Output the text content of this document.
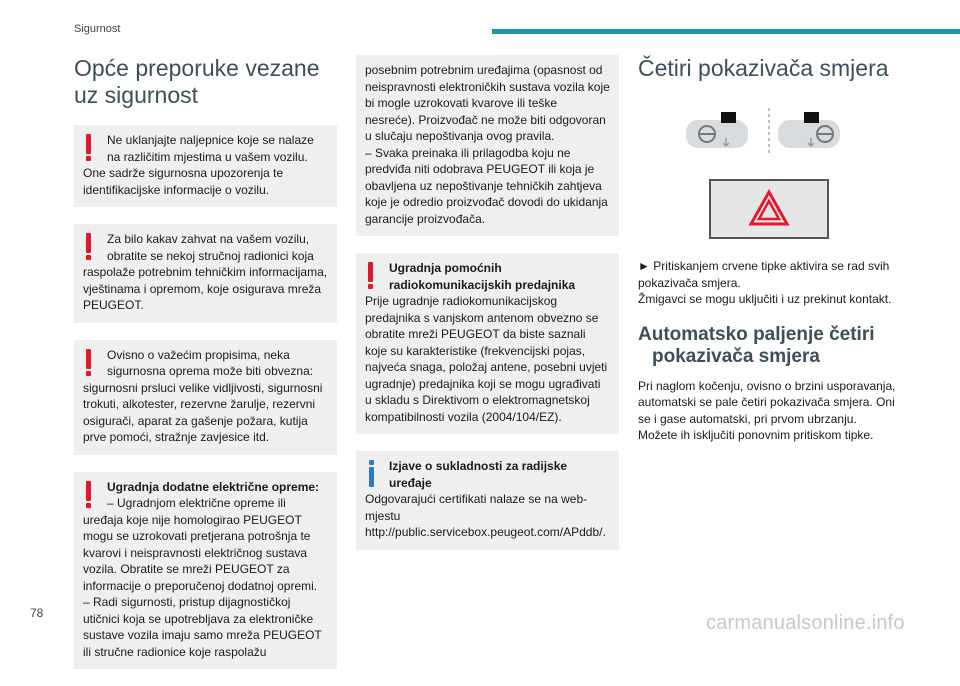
Sigurnost
Opće preporuke vezane uz sigurnost
Ne uklanjajte naljepnice koje se nalaze na različitim mjestima u vašem vozilu.
One sadrže sigurnosna upozorenja te identifikacijske informacije o vozilu.
Za bilo kakav zahvat na vašem vozilu, obratite se nekoj stručnoj radionici koja
raspolaže potrebnim tehničkim informacijama, vještinama i opremom, koje osigurava mreža PEUGEOT.
Ovisno o važećim propisima, neka sigurnosna oprema može biti obvezna:
sigurnosni prsluci velike vidljivosti, sigurnosni trokuti, alkotester, rezervne žarulje, rezervni osigurači, aparat za gašenje požara, kutija prve pomoći, stražnje zavjesice itd.
Ugradnja dodatne električne opreme:
– Ugradnjom električne opreme ili
uređaja koje nije homologirao PEUGEOT mogu se uzrokovati pretjerana potrošnja te kvarovi i neispravnosti električnog sustava vozila. Obratite se mreži PEUGEOT za informacije o preporučenoj dodatnoj opremi.
– Radi sigurnosti, pristup dijagnostičkoj utičnici koja se upotrebljava za elektroničke sustave vozila imaju samo mreža PEUGEOT ili stručne radionice koje raspolažu
posebnim potrebnim uređajima (opasnost od neispravnosti elektroničkih sustava vozila koje bi mogle uzrokovati kvarove ili teške nesreće). Proizvođač ne može biti odgovoran u slučaju nepoštivanja ovog pravila.
– Svaka preinaka ili prilagodba koju ne predviđa niti odobrava PEUGEOT ili koja je obavljena uz nepoštivanje tehničkih zahtjeva koje je odredio proizvođač dovodi do ukidanja garancije proizvođača.
Ugradnja pomoćnih radiokomunikacijskih predajnika
Prije ugradnje radiokomunikacijskog predajnika s vanjskom antenom obvezno se obratite mreži PEUGEOT da biste saznali koje su karakteristike (frekvencijski pojas, najveća snaga, položaj antene, posebni uvjeti ugradnje) predajnika koji se mogu ugrađivati u skladu s Direktivom o elektromagnetskoj kompatibilnosti vozila (2004/104/EZ).
Izjave o sukladnosti za radijske uređaje
Odgovarajući certifikati nalaze se na web-mjestu http://public.servicebox.peugeot.com/APddb/.
Četiri pokazivača smjera

► Pritiskanjem crvene tipke aktivira se rad svih pokazivača smjera.

Žmigavci se mogu uključiti i uz prekinut kontakt.

Automatsko paljenje četiri
pokazivača smjera

Pri naglom kočenju, ovisno o brzini usporavanja, automatski se pale četiri pokazivača smjera. Oni se i gase automatski, pri prvom ubrzanju.

Možete ih isključiti ponovnim pritiskom tipke.

78	carmanualsonline.info
